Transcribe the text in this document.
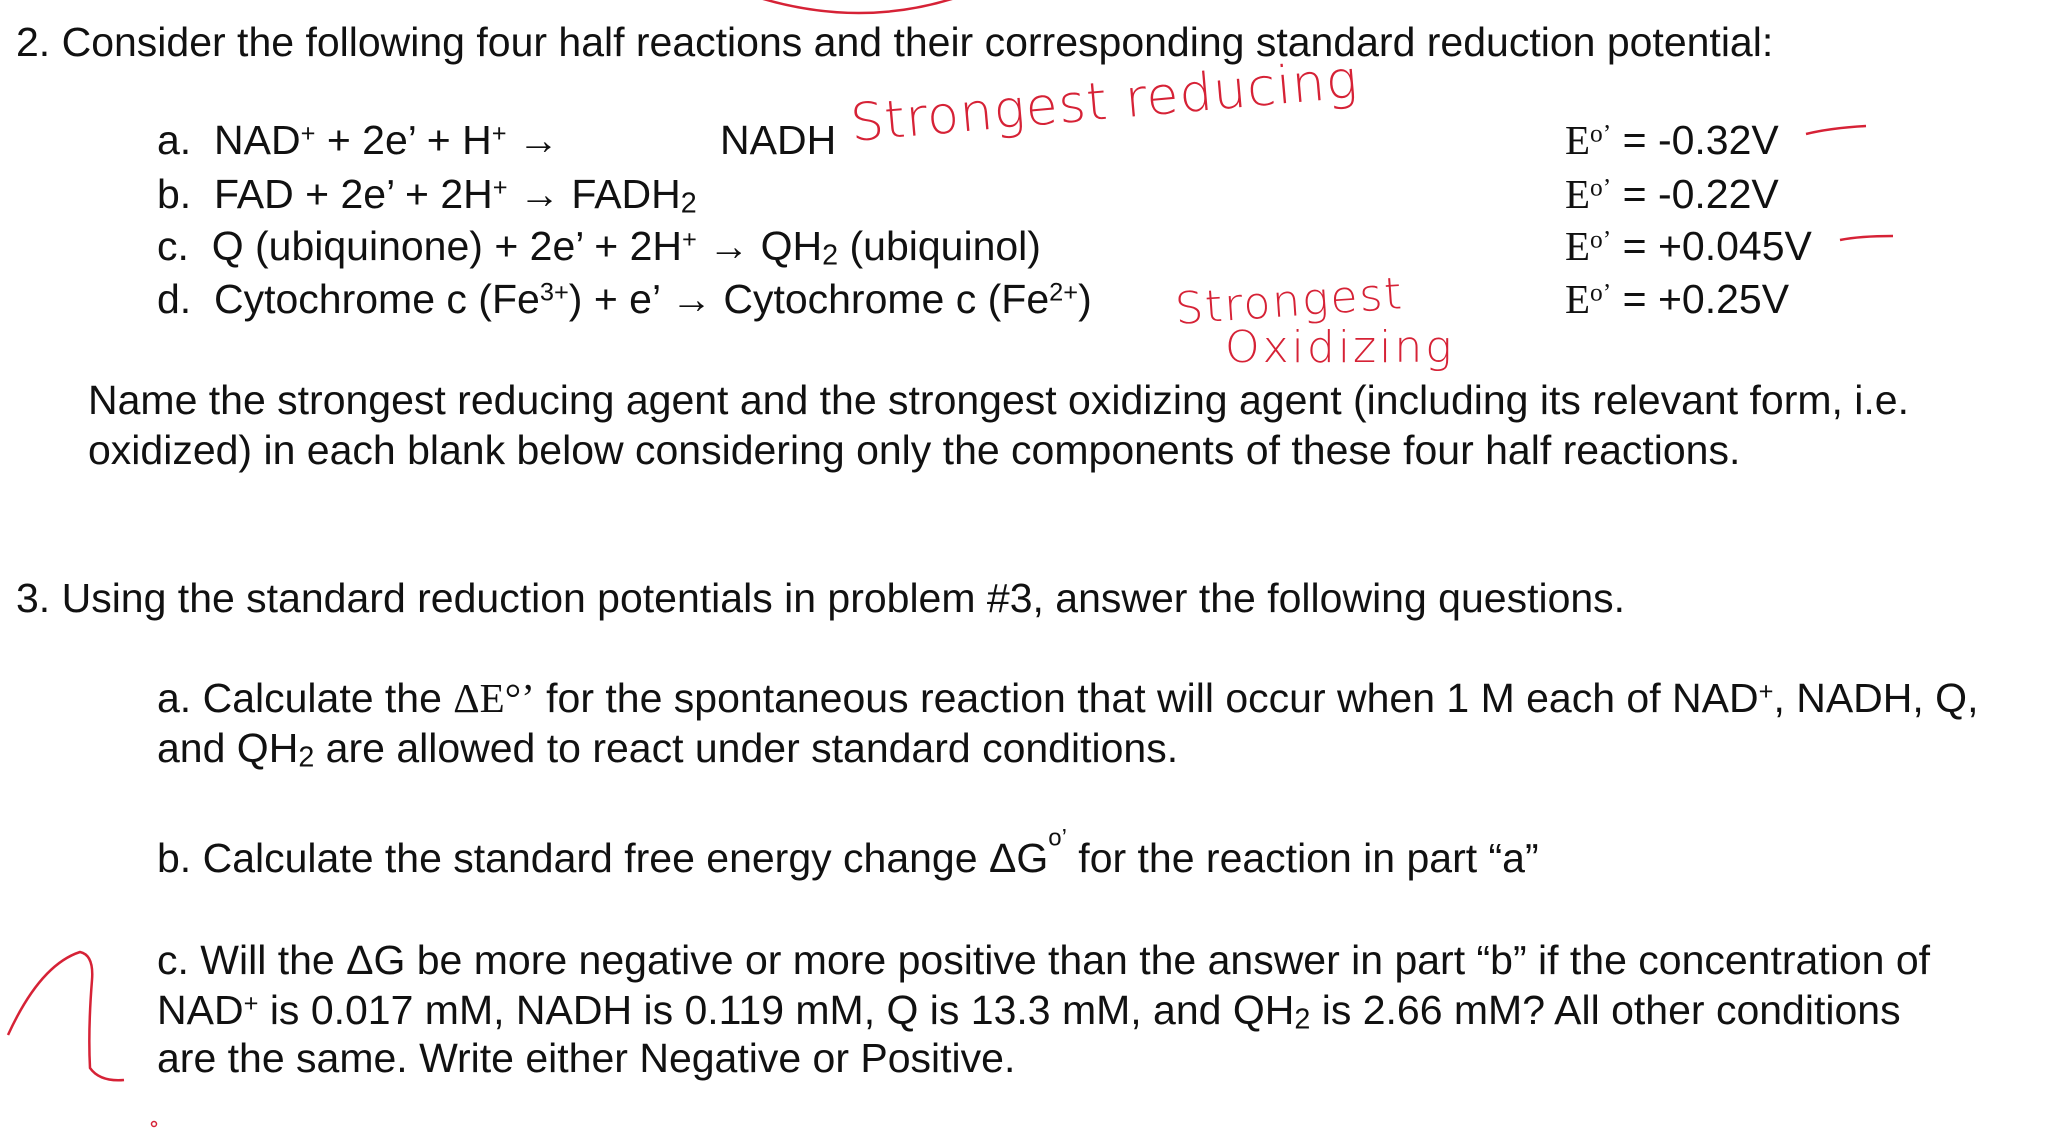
2. Consider the following four half reactions and their corresponding standard reduction potential:
a. NAD+ + 2e’ + H+ →	NADH Strongest reducing
b. FAD + 2e’ + $2H^+ \to FADH_2$
c. Q (ubiquinone) + 2e’ + $2H^+ \to QH_2$ (ubiquinol)
d. Cytochrome c $(Fe^{3+}) + e$’ → Cytochrome c $(Fe^{2+})$ Strongest
Oxidizing
$E^{o’} = -0.32V$
$E^{o’} = -0.22V$
$E^{o’} = +0.045V$
$E^{o’} = +0.25V$
Name the strongest reducing agent and the strongest oxidizing agent (including its relevant form, i.e.
oxidized) in each blank below considering only the components of these four half reactions.
3. Using the standard reduction potentials in problem #3, answer the following questions.
a. Calculate the ΔE°’ for the spontaneous reaction that will occur when 1 M each of NAD+, NADH, Q,
and $QH_2$ are allowed to react under standard conditions.
b. Calculate the standard free energy change $\Delta G^{o’}$ for the reaction in part “a”
c. Will the ΔG be more negative or more positive than the answer in part “b” if the concentration of
NAD+ is 0.017 mM, NADH is 0.119 mM, Q is 13.3 mM, and $QH_2$ is 2.66 mM? All other conditions
are the same. Write either Negative or Positive.
